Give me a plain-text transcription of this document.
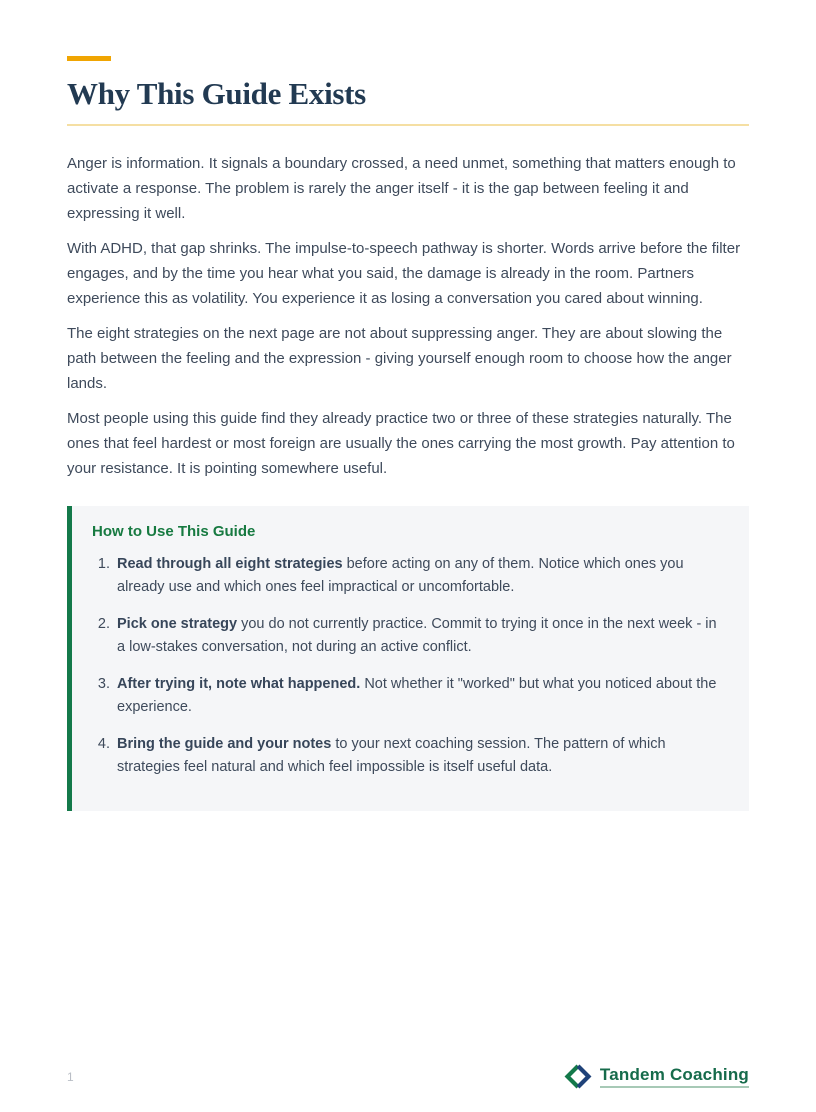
Why This Guide Exists

Anger is information. It signals a boundary crossed, a need unmet, something that matters enough to activate a response. The problem is rarely the anger itself - it is the gap between feeling it and expressing it well.

With ADHD, that gap shrinks. The impulse-to-speech pathway is shorter. Words arrive before the filter engages, and by the time you hear what you said, the damage is already in the room. Partners experience this as volatility. You experience it as losing a conversation you cared about winning.

The eight strategies on the next page are not about suppressing anger. They are about slowing the path between the feeling and the expression - giving yourself enough room to choose how the anger lands.

Most people using this guide find they already practice two or three of these strategies naturally. The ones that feel hardest or most foreign are usually the ones carrying the most growth. Pay attention to your resistance. It is pointing somewhere useful.

How to Use This Guide

1. Read through all eight strategies before acting on any of them. Notice which ones you already use and which ones feel impractical or uncomfortable.
2. Pick one strategy you do not currently practice. Commit to trying it once in the next week - in a low-stakes conversation, not during an active conflict.
3. After trying it, note what happened. Not whether it "worked" but what you noticed about the experience.
4. Bring the guide and your notes to your next coaching session. The pattern of which strategies feel natural and which feel impossible is itself useful data.
1	Tandem Coaching
